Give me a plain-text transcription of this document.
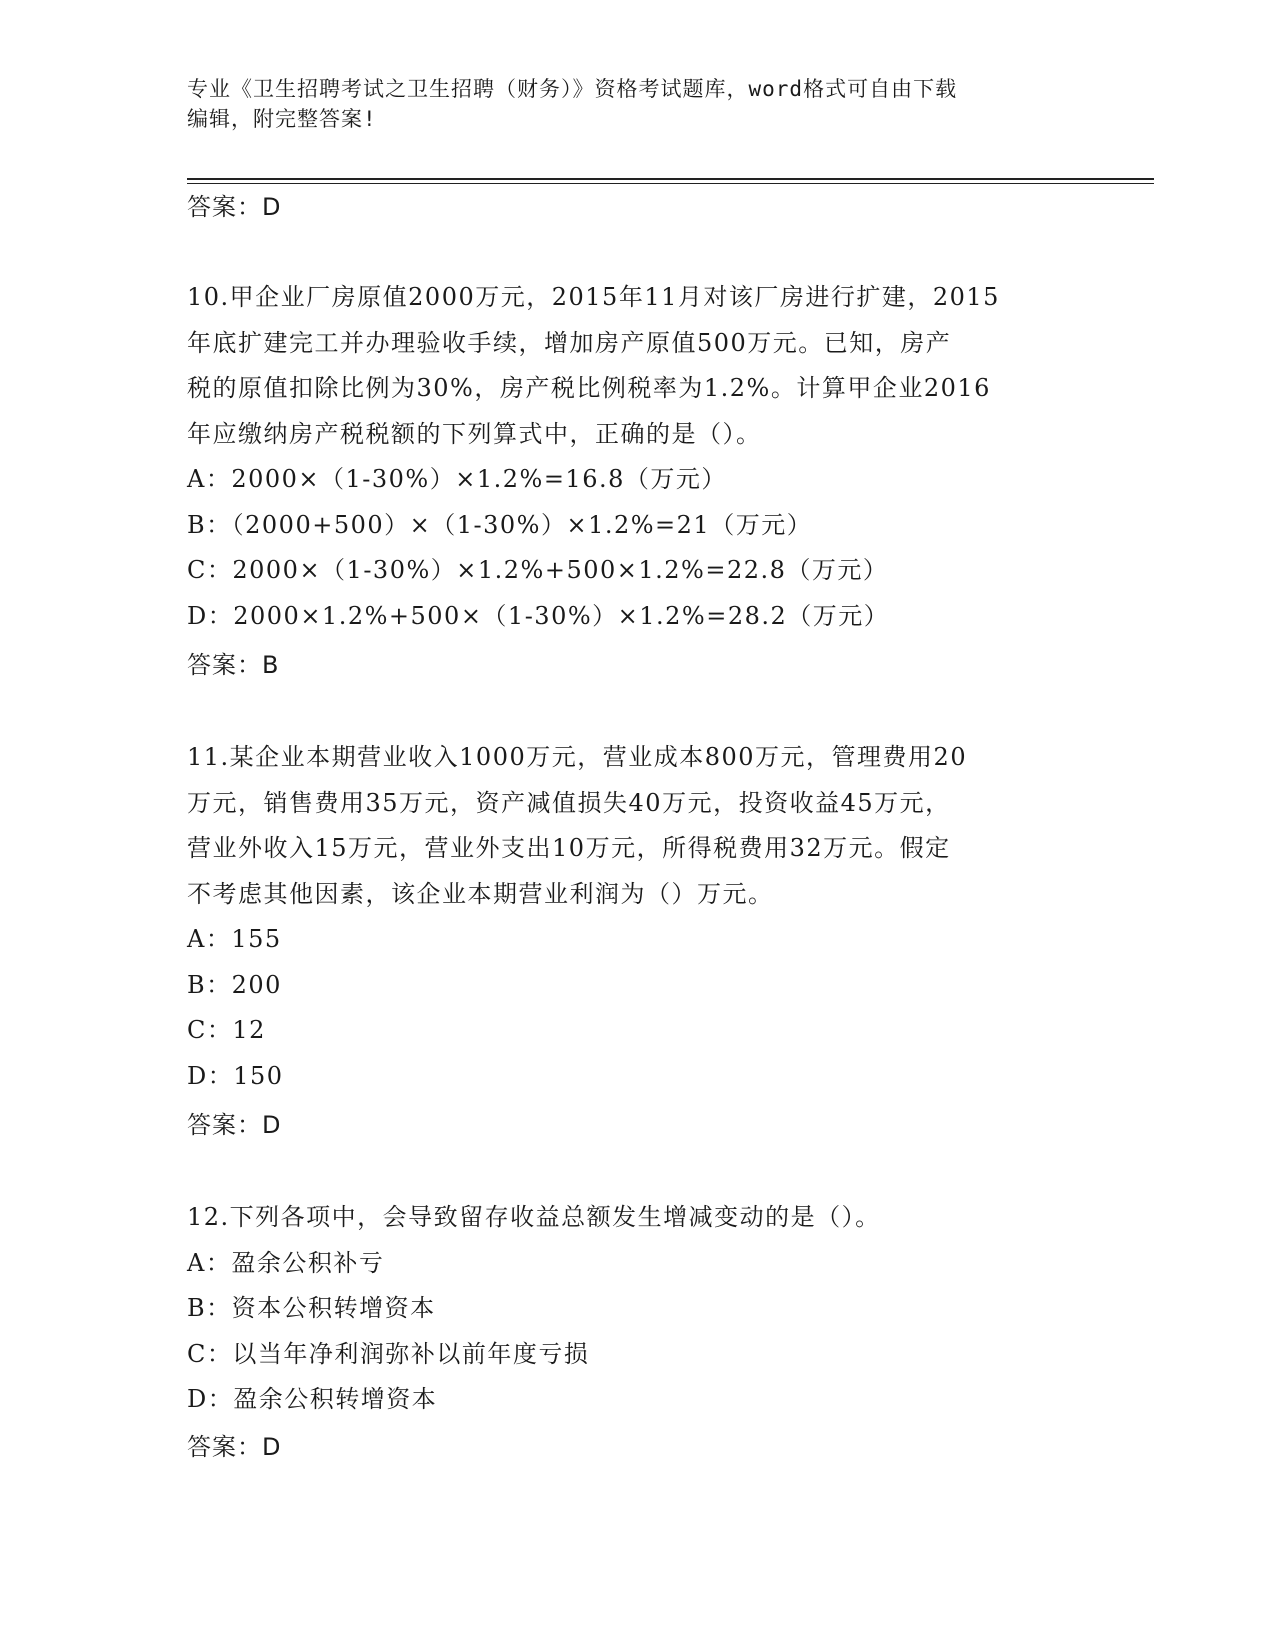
专业《卫生招聘考试之卫生招聘（财务）》资格考试题库，word格式可自由下载
编辑，附完整答案!
答案：D
10.甲企业厂房原值2000万元，2015年11月对该厂房进行扩建，2015
年底扩建完工并办理验收手续，增加房产原值500万元。已知，房产
税的原值扣除比例为30%，房产税比例税率为1.2%。计算甲企业2016
年应缴纳房产税税额的下列算式中，正确的是（）。
A：2000×（1-30%）×1.2%=16.8（万元）
B：（2000+500）×（1-30%）×1.2%=21（万元）
C：2000×（1-30%）×1.2%+500×1.2%=22.8（万元）
D：2000×1.2%+500×（1-30%）×1.2%=28.2（万元）
答案：B
11.某企业本期营业收入1000万元，营业成本800万元，管理费用20
万元，销售费用35万元，资产减值损失40万元，投资收益45万元，
营业外收入15万元，营业外支出10万元，所得税费用32万元。假定
不考虑其他因素，该企业本期营业利润为（）万元。
A：155
B：200
C：12
D：150
答案：D
12.下列各项中，会导致留存收益总额发生增减变动的是（）。
A：盈余公积补亏
B：资本公积转增资本
C：以当年净利润弥补以前年度亏损
D：盈余公积转增资本
答案：D
